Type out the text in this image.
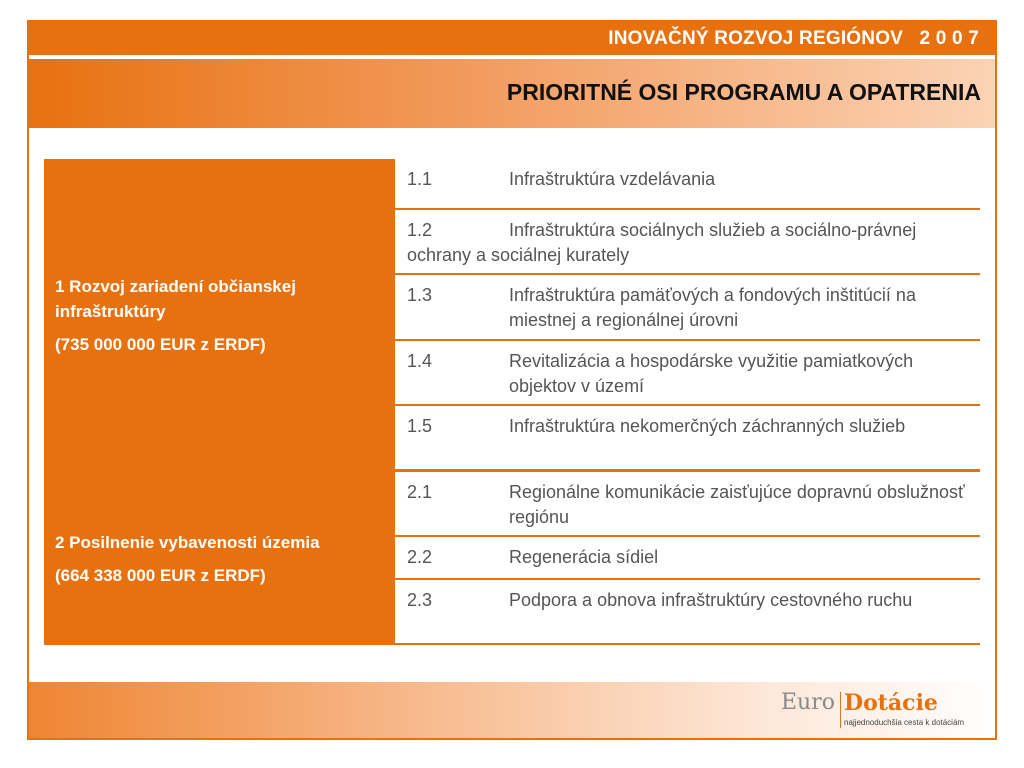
INOVAČNÝ ROZVOJ REGIÓNOV   2 0 0 7
PRIORITNÉ OSI PROGRAMU A OPATRENIA

1 Rozvoj zariadení občianskej infraštruktúry

(735 000 000 EUR z ERDF)

1.1	Infraštruktúra vzdelávania
1.2	Infraštruktúra sociálnych služieb a sociálno-právnej ochrany a sociálnej kurately
1.3	Infraštruktúra pamäťových a fondových inštitúcií na miestnej a regionálnej úrovni
1.4	Revitalizácia a hospodárske využitie pamiatkových objektov v území
1.5	Infraštruktúra nekomerčných záchranných služieb

2 Posilnenie vybavenosti územia

(664 338 000 EUR z ERDF)

2.1	Regionálne komunikácie zaisťujúce dopravnú obslužnosť regiónu
2.2	Regenerácia sídiel
2.3	Podpora a obnova infraštruktúry cestovného ruchu
Euro Dotácie
najjednoduchšia cesta k dotáciám
